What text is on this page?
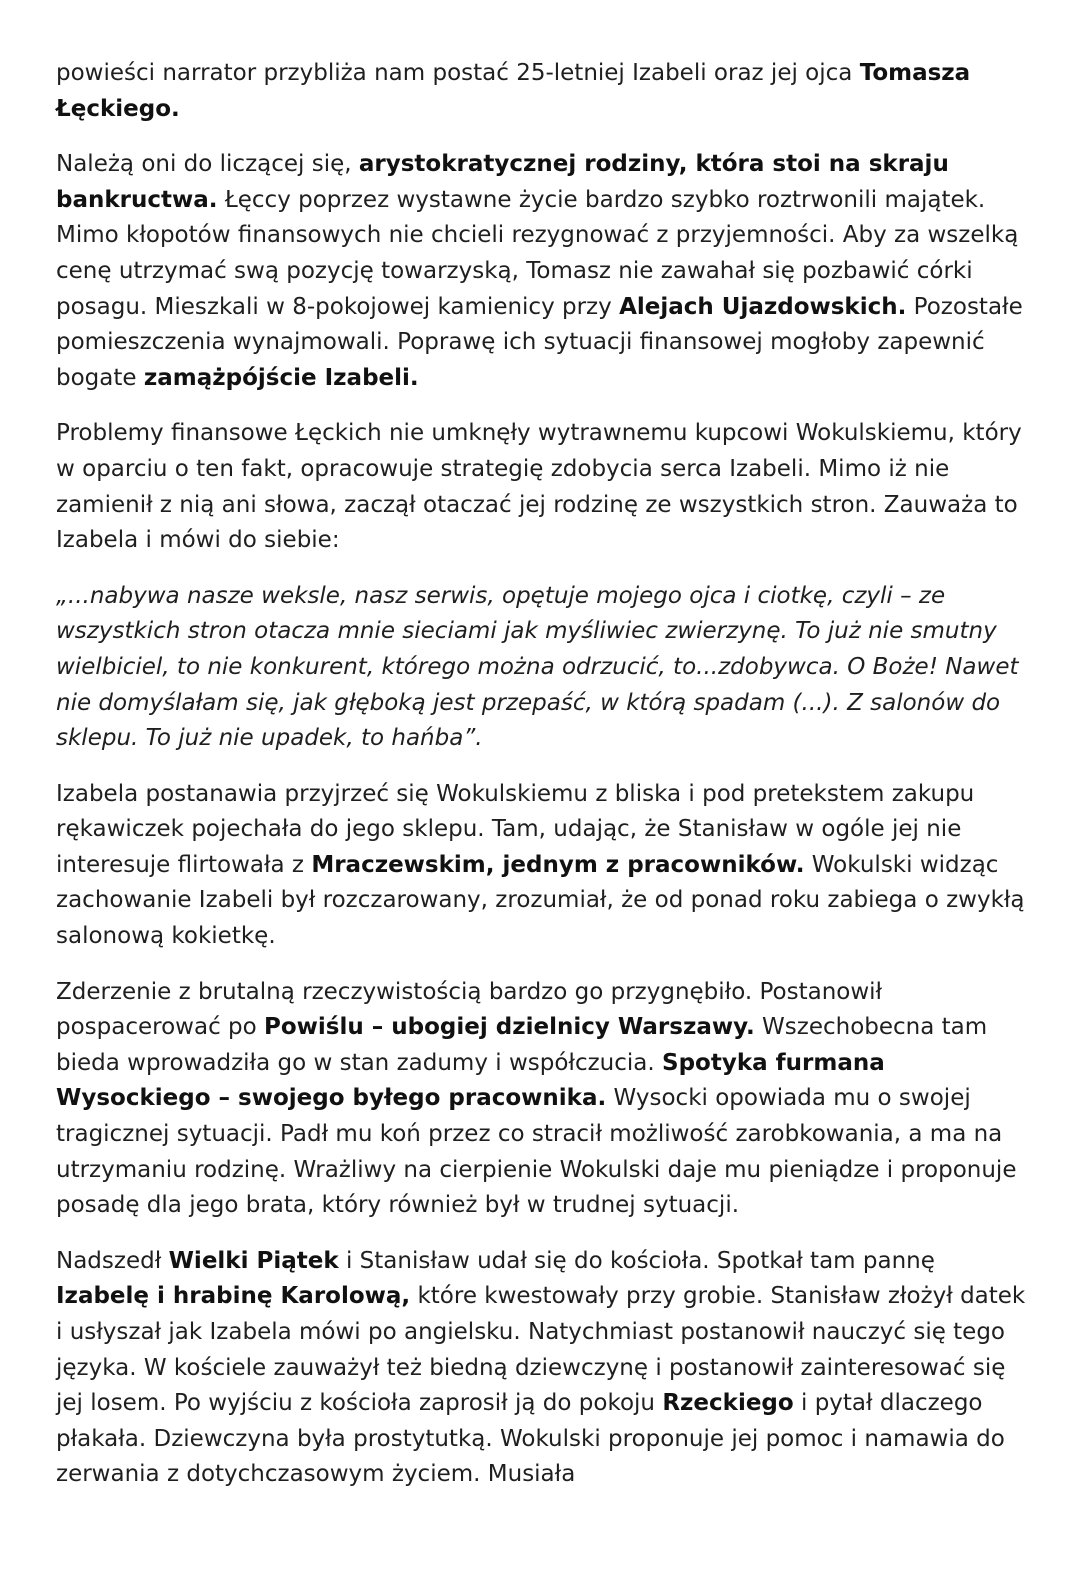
powieści narrator przybliża nam postać 25-letniej Izabeli oraz jej ojca Tomasza Łęckiego.

Należą oni do liczącej się, arystokratycznej rodziny, która stoi na skraju bankructwa. Łęccy poprzez wystawne życie bardzo szybko roztrwonili majątek. Mimo kłopotów finansowych nie chcieli rezygnować z przyjemności. Aby za wszelką cenę utrzymać swą pozycję towarzyską, Tomasz nie zawahał się pozbawić córki posagu. Mieszkali w 8-pokojowej kamienicy przy Alejach Ujazdowskich. Pozostałe pomieszczenia wynajmowali. Poprawę ich sytuacji finansowej mogłoby zapewnić bogate zamążpójście Izabeli.

Problemy finansowe Łęckich nie umknęły wytrawnemu kupcowi Wokulskiemu, który w oparciu o ten fakt, opracowuje strategię zdobycia serca Izabeli. Mimo iż nie zamienił z nią ani słowa, zaczął otaczać jej rodzinę ze wszystkich stron. Zauważa to Izabela i mówi do siebie:

„...nabywa nasze weksle, nasz serwis, opętuje mojego ojca i ciotkę, czyli – ze wszystkich stron otacza mnie sieciami jak myśliwiec zwierzynę. To już nie smutny wielbiciel, to nie konkurent, którego można odrzucić, to...zdobywca. O Boże! Nawet nie domyślałam się, jak głęboką jest przepaść, w którą spadam (...). Z salonów do sklepu. To już nie upadek, to hańba”.

Izabela postanawia przyjrzeć się Wokulskiemu z bliska i pod pretekstem zakupu rękawiczek pojechała do jego sklepu. Tam, udając, że Stanisław w ogóle jej nie interesuje flirtowała z Mraczewskim, jednym z pracowników. Wokulski widząc zachowanie Izabeli był rozczarowany, zrozumiał, że od ponad roku zabiega o zwykłą salonową kokietkę.

Zderzenie z brutalną rzeczywistością bardzo go przygnębiło. Postanowił pospacerować po Powiślu – ubogiej dzielnicy Warszawy. Wszechobecna tam bieda wprowadziła go w stan zadumy i współczucia. Spotyka furmana Wysockiego – swojego byłego pracownika. Wysocki opowiada mu o swojej tragicznej sytuacji. Padł mu koń przez co stracił możliwość zarobkowania, a ma na utrzymaniu rodzinę. Wrażliwy na cierpienie Wokulski daje mu pieniądze i proponuje posadę dla jego brata, który również był w trudnej sytuacji.

Nadszedł Wielki Piątek i Stanisław udał się do kościoła. Spotkał tam pannę Izabelę i hrabinę Karolową, które kwestowały przy grobie. Stanisław złożył datek i usłyszał jak Izabela mówi po angielsku. Natychmiast postanowił nauczyć się tego języka. W kościele zauważył też biedną dziewczynę i postanowił zainteresować się jej losem. Po wyjściu z kościoła zaprosił ją do pokoju Rzeckiego i pytał dlaczego płakała. Dziewczyna była prostytutką. Wokulski proponuje jej pomoc i namawia do zerwania z dotychczasowym życiem. Musiała
